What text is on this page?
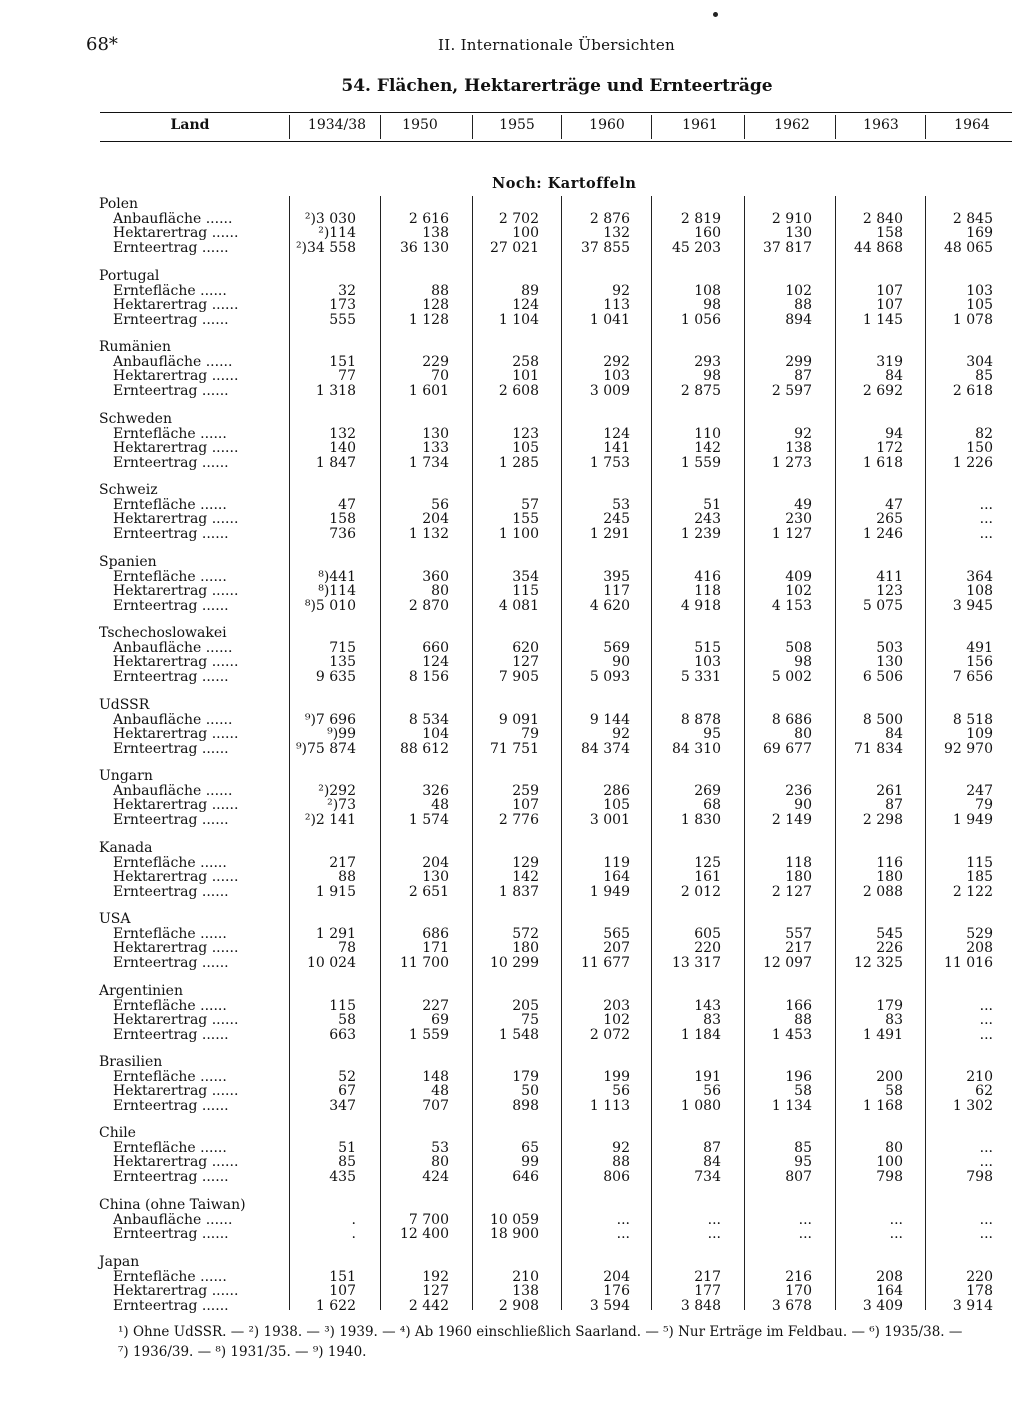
68*	II. Internationale Übersichten
54. Flächen, Hektarerträge und Ernteerträge
Land	1934/38	1950	1955	1960	1961	1962	1963	1964
Noch: Kartoffeln
Polen
Anbaufläche ......	²)3 030	2 616	2 702	2 876	2 819	2 910	2 840	2 845
Hektarertrag ......	²)114	138	100	132	160	130	158	169
Ernteertrag ......	²)34 558	36 130	27 021	37 855	45 203	37 817	44 868	48 065
Portugal
Erntefläche ......	32	88	89	92	108	102	107	103
Hektarertrag ......	173	128	124	113	98	88	107	105
Ernteertrag ......	555	1 128	1 104	1 041	1 056	894	1 145	1 078
Rumänien
Anbaufläche ......	151	229	258	292	293	299	319	304
Hektarertrag ......	77	70	101	103	98	87	84	85
Ernteertrag ......	1 318	1 601	2 608	3 009	2 875	2 597	2 692	2 618
Schweden
Erntefläche ......	132	130	123	124	110	92	94	82
Hektarertrag ......	140	133	105	141	142	138	172	150
Ernteertrag ......	1 847	1 734	1 285	1 753	1 559	1 273	1 618	1 226
Schweiz
Erntefläche ......	47	56	57	53	51	49	47	...
Hektarertrag ......	158	204	155	245	243	230	265	...
Ernteertrag ......	736	1 132	1 100	1 291	1 239	1 127	1 246	...
Spanien
Erntefläche ......	⁸)441	360	354	395	416	409	411	364
Hektarertrag ......	⁸)114	80	115	117	118	102	123	108
Ernteertrag ......	⁸)5 010	2 870	4 081	4 620	4 918	4 153	5 075	3 945
Tschechoslowakei
Anbaufläche ......	715	660	620	569	515	508	503	491
Hektarertrag ......	135	124	127	90	103	98	130	156
Ernteertrag ......	9 635	8 156	7 905	5 093	5 331	5 002	6 506	7 656
UdSSR
Anbaufläche ......	⁹)7 696	8 534	9 091	9 144	8 878	8 686	8 500	8 518
Hektarertrag ......	⁹)99	104	79	92	95	80	84	109
Ernteertrag ......	⁹)75 874	88 612	71 751	84 374	84 310	69 677	71 834	92 970
Ungarn
Anbaufläche ......	²)292	326	259	286	269	236	261	247
Hektarertrag ......	²)73	48	107	105	68	90	87	79
Ernteertrag ......	²)2 141	1 574	2 776	3 001	1 830	2 149	2 298	1 949
Kanada
Erntefläche ......	217	204	129	119	125	118	116	115
Hektarertrag ......	88	130	142	164	161	180	180	185
Ernteertrag ......	1 915	2 651	1 837	1 949	2 012	2 127	2 088	2 122
USA
Erntefläche ......	1 291	686	572	565	605	557	545	529
Hektarertrag ......	78	171	180	207	220	217	226	208
Ernteertrag ......	10 024	11 700	10 299	11 677	13 317	12 097	12 325	11 016
Argentinien
Erntefläche ......	115	227	205	203	143	166	179	...
Hektarertrag ......	58	69	75	102	83	88	83	...
Ernteertrag ......	663	1 559	1 548	2 072	1 184	1 453	1 491	...
Brasilien
Erntefläche ......	52	148	179	199	191	196	200	210
Hektarertrag ......	67	48	50	56	56	58	58	62
Ernteertrag ......	347	707	898	1 113	1 080	1 134	1 168	1 302
Chile
Erntefläche ......	51	53	65	92	87	85	80	...
Hektarertrag ......	85	80	99	88	84	95	100	...
Ernteertrag ......	435	424	646	806	734	807	798	798
China (ohne Taiwan)
Anbaufläche ......	.	7 700	10 059	...	...	...	...	...
Ernteertrag ......	.	12 400	18 900	...	...	...	...	...
Japan
Erntefläche ......	151	192	210	204	217	216	208	220
Hektarertrag ......	107	127	138	176	177	170	164	178
Ernteertrag ......	1 622	2 442	2 908	3 594	3 848	3 678	3 409	3 914
¹) Ohne UdSSR. — ²) 1938. — ³) 1939. — ⁴) Ab 1960 einschließlich Saarland. — ⁵) Nur Erträge im Feldbau. — ⁶) 1935/38. —
⁷) 1936/39. — ⁸) 1931/35. — ⁹) 1940.
